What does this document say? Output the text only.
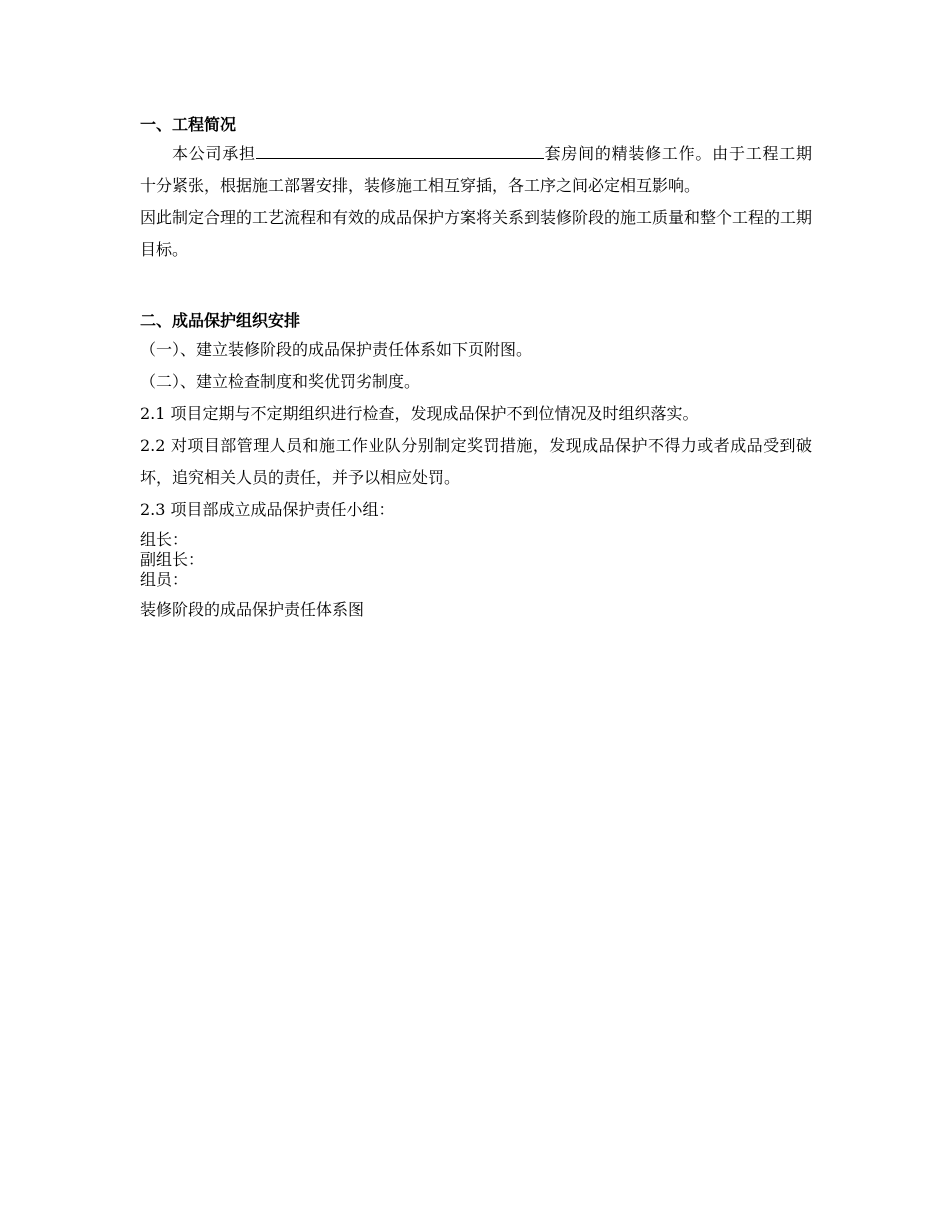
一、工程简况

本公司承担	套房间的精装修工作。由于工程工期十分紧张，根据施工部署安排，装修施工相互穿插，各工序之间必定相互影响。

因此制定合理的工艺流程和有效的成品保护方案将关系到装修阶段的施工质量和整个工程的工期目标。

二、成品保护组织安排

（一）、建立装修阶段的成品保护责任体系如下页附图。

（二）、建立检查制度和奖优罚劣制度。

2.1 项目定期与不定期组织进行检查，发现成品保护不到位情况及时组织落实。

2.2 对项目部管理人员和施工作业队分别制定奖罚措施，发现成品保护不得力或者成品受到破坏，追究相关人员的责任，并予以相应处罚。

2.3 项目部成立成品保护责任小组：

组长：

副组长：

组员：

装修阶段的成品保护责任体系图
